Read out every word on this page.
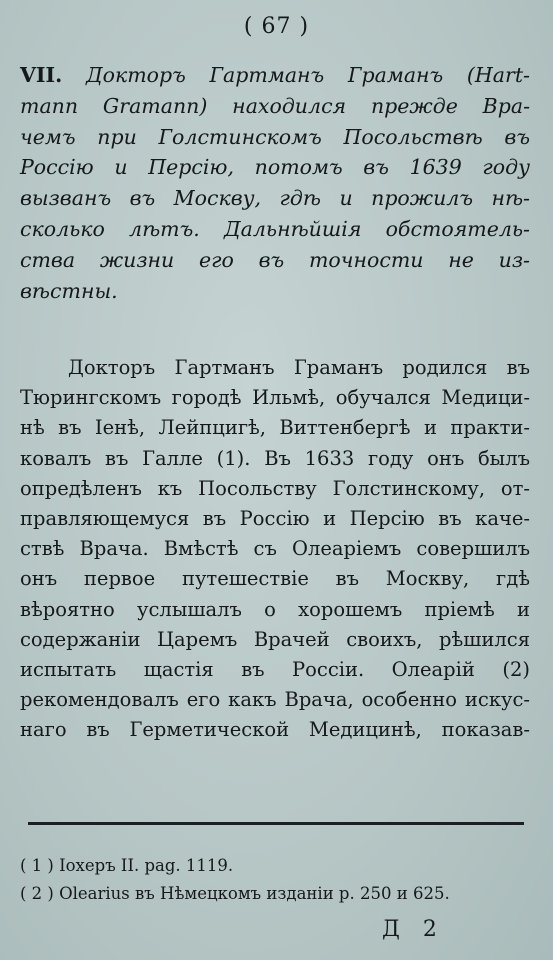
( 67 )
VII. Докторъ Гартманъ Граманъ (Hart-
mann Gramann) находился прежде Вра-
чемъ при Голстинскомъ Посольствѣ въ
Россію и Персію, потомъ въ 1639 году
вызванъ въ Москву, гдѣ и прожилъ нѣ-
сколько лѣтъ. Дальнѣйшія обстоятель-
ства жизни его въ точности не из-
вѣстны.
Докторъ Гартманъ Граманъ родился въ
Тюрингскомъ городѣ Ильмѣ, обучался Медици-
нѣ въ Іенѣ, Лейпцигѣ, Виттенбергѣ и практи-
ковалъ въ Галле (1). Въ 1633 году онъ былъ
опредѣленъ къ Посольству Голстинскому, от-
правляющемуся въ Россію и Персію въ каче-
ствѣ Врача. Вмѣстѣ съ Олеаріемъ совершилъ
онъ первое путешествіе въ Москву, гдѣ
вѣроятно услышалъ о хорошемъ пріемѣ и
содержаніи Царемъ Врачей своихъ, рѣшился
испытать щастія въ Россіи. Олеарій (2)
рекомендовалъ его какъ Врача, особенно искус-
наго въ Герметической Медицинѣ, показав-
( 1 ) Іохеръ II. pag. 1119.
( 2 ) Olearius въ Нѣмецкомъ изданіи p. 250 и 625.
Д 2
